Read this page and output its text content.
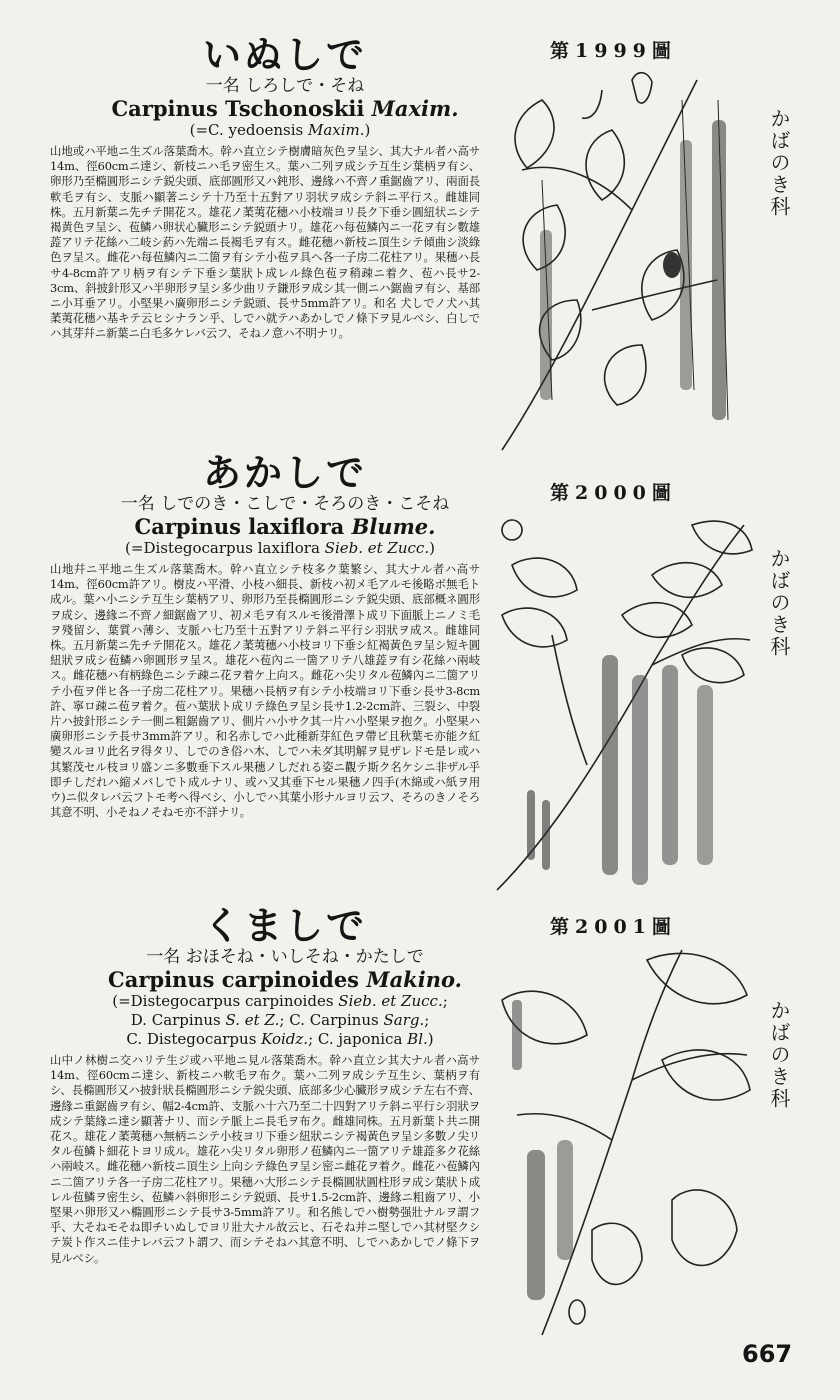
いぬしで
一名 しろしで・そね
Carpinus Tschonoskii Maxim.
(=C. yedoensis Maxim.)
山地或ハ平地ニ生ズル落葉喬木。幹ハ直立シテ樹膚暗灰色ヲ呈シ、其大ナル者ハ高サ14m、徑60cmニ達シ、新枝ニハ毛ヲ密生ス。葉ハ二列ヲ成シテ互生シ葉柄ヲ有シ、卵形乃至橢圓形ニシテ鋭尖頭、底部圓形又ハ鈍形、邊緣ハ不齊ノ重鋸齒アリ、兩面長軟毛ヲ有シ、支脈ハ顯著ニシテ十乃至十五對アリ羽状ヲ成シテ斜ニ平行ス。雌雄同株。五月新葉ニ先チテ開花ス。雄花ノ葇荑花穗ハ小枝端ヨリ長ク下垂シ圓紐状ニシテ褐黄色ヲ呈シ、苞鱗ハ卵状心臟形ニシテ鋭頭ナリ。雄花ハ每苞鱗內ニ一花ヲ有シ數雄蕋アリテ花絲ハ二岐シ葯ハ先端ニ長褐毛ヲ有ス。雌花穗ハ新枝ニ頂生シテ傾曲シ淡綠色ヲ呈ス。雌花ハ每苞鱗內ニ二箇ヲ有シテ小苞ヲ具ヘ各一子房二花柱アリ。果穗ハ長サ4-8cm許アリ柄ヲ有シテ下垂シ葉狀ト成レル綠色苞ヲ稍疎ニ着ク、苞ハ長サ2-3cm、斜披針形又ハ半卵形ヲ呈シ多少曲リテ鎌形ヲ成シ其一側ニハ鋸齒ヲ有シ、基部ニ小耳垂アリ。小堅果ハ廣卵形ニシテ鋭頭、長サ5mm許アリ。和名 犬しでノ犬ハ其葇荑花穗ハ基キテ云ヒシナラン乎、しでハ就テハあかしでノ條下ヲ見ルベシ、白しでハ其芽幷ニ新葉ニ白毛多ケレバ云フ、そねノ意ハ不明ナリ。
第1999圖
かばのき科
あかしで
一名 しでのき・こしで・そろのき・こそね
Carpinus laxiflora Blume.
(=Distegocarpus laxiflora Sieb. et Zucc.)
山地幷ニ平地ニ生ズル落葉喬木。幹ハ直立シテ枝多ク葉繁シ、其大ナル者ハ高サ14m、徑60cm許アリ。樹皮ハ平滑、小枝ハ細長、新枝ハ初メ毛アルモ後略ボ無毛ト成ル。葉ハ小ニシテ互生シ葉柄アリ、卵形乃至長橢圓形ニシテ鋭尖頭、底部概ネ圓形ヲ成シ、邊緣ニ不齊ノ細鋸齒アリ、初メ毛ヲ有スルモ後滑澤ト成リ下面脈上ニノミ毛ヲ殘留シ、葉質ハ薄シ、支脈ハ七乃至十五對アリテ斜ニ平行シ羽狀ヲ成ス。雌雄同株。五月新葉ニ先チテ開花ス。雄花ノ葇荑穗ハ小枝ヨリ下垂シ紅褐黃色ヲ呈シ短キ圓紐狀ヲ成シ苞鱗ハ卵圓形ヲ呈ス。雄花ハ苞內ニ一箇アリテ八雄蕋ヲ有シ花絲ハ兩岐ス。雌花穗ハ有柄綠色ニシテ疎ニ花ヲ着ケ上向ス。雌花ハ尖リタル苞鱗內ニ二箇アリテ小苞ヲ伴ヒ各一子房二花柱アリ。果穗ハ長柄ヲ有シテ小枝端ヨリ下垂シ長サ3-8cm許、寧ロ疎ニ苞ヲ着ク。苞ハ葉狀ト成リテ綠色ヲ呈シ長サ1.2-2cm許、三裂シ、中裂片ハ披針形ニシテ一側ニ粗鋸齒アリ、側片ハ小サク其一片ハ小堅果ヲ抱ク。小堅果ハ廣卵形ニシテ長サ3mm許アリ。和名赤しでハ此種新芽紅色ヲ帶ビ且秋葉モ亦能ク紅變スルヨリ此名ヲ得タリ、しでのき俗ハ木、しでハ未ダ其明解ヲ見ザレドモ是レ或ハ其繁茂セル枝ヨリ盛ンニ多數垂下スル果穗ノしだれる姿ニ觀テ斯ク名ケシニ非ザル乎即チしだれハ縮メバしでト成ルナリ、或ハ又其垂下セル果穗ノ四手(木綿或ハ紙ヲ用ウ)ニ似タレバ云フトモ考ヘ得ベシ、小しでハ其葉小形ナルヨリ云フ、そろのきノそろ其意不明、小そねノそねモ亦不詳ナリ。
第2000圖
かばのき科
くましで
一名 おほそね・いしそね・かたしで
Carpinus carpinoides Makino.
(=Distegocarpus carpinoides Sieb. et Zucc.;
D. Carpinus S. et Z.; C. Carpinus Sarg.;
C. Distegocarpus Koidz.; C. japonica Bl.)
山中ノ林樹ニ交ハリテ生ジ或ハ平地ニ見ル落葉喬木。幹ハ直立シ其大ナル者ハ高サ14m、徑60cmニ達シ、新枝ニハ軟毛ヲ布ク。葉ハ二列ヲ成シテ互生シ、葉柄ヲ有シ、長橢圓形又ハ披針狀長橢圓形ニシテ鋭尖頭、底部多少心臟形ヲ成シテ左右不齊、邊緣ニ重鋸齒ヲ有シ、幅2-4cm許、支脈ハ十六乃至二十四對アリテ斜ニ平行シ羽狀ヲ成シテ葉緣ニ達シ顯著ナリ、而シテ脈上ニ長毛ヲ布ク。雌雄同株。五月新葉ト共ニ開花ス。雄花ノ葇荑穗ハ無柄ニシテ小枝ヨリ下垂シ紐狀ニシテ褐黃色ヲ呈シ多數ノ尖リタル苞鱗ト細花トヨリ成ル。雄花ハ尖リタル卵形ノ苞鱗內ニ一箇アリテ雄蕋多ク花絲ハ兩岐ス。雌花穗ハ新枝ニ頂生シ上向シテ綠色ヲ呈シ密ニ雌花ヲ着ク。雌花ハ苞鱗內ニ二箇アリテ各一子房二花柱アリ。果穗ハ大形ニシテ長橢圓狀圓柱形ヲ成シ葉狀ト成レル苞鱗ヲ密生シ、苞鱗ハ斜卵形ニシテ鋭頭、長サ1.5-2cm許、邊緣ニ粗齒アリ、小堅果ハ卵形又ハ橢圓形ニシテ長サ3-5mm許アリ。和名熊しでハ樹勢强壯ナルヲ謂フ乎、大そねモそね即チいぬしでヨリ壯大ナル故云ヒ、石そね并ニ堅しでハ其材堅クシテ炭ト作スニ佳ナレバ云フト謂フ、而シテそねハ其意不明、しでハあかしでノ條下ヲ見ルベシ。
第2001圖
かばのき科
667
